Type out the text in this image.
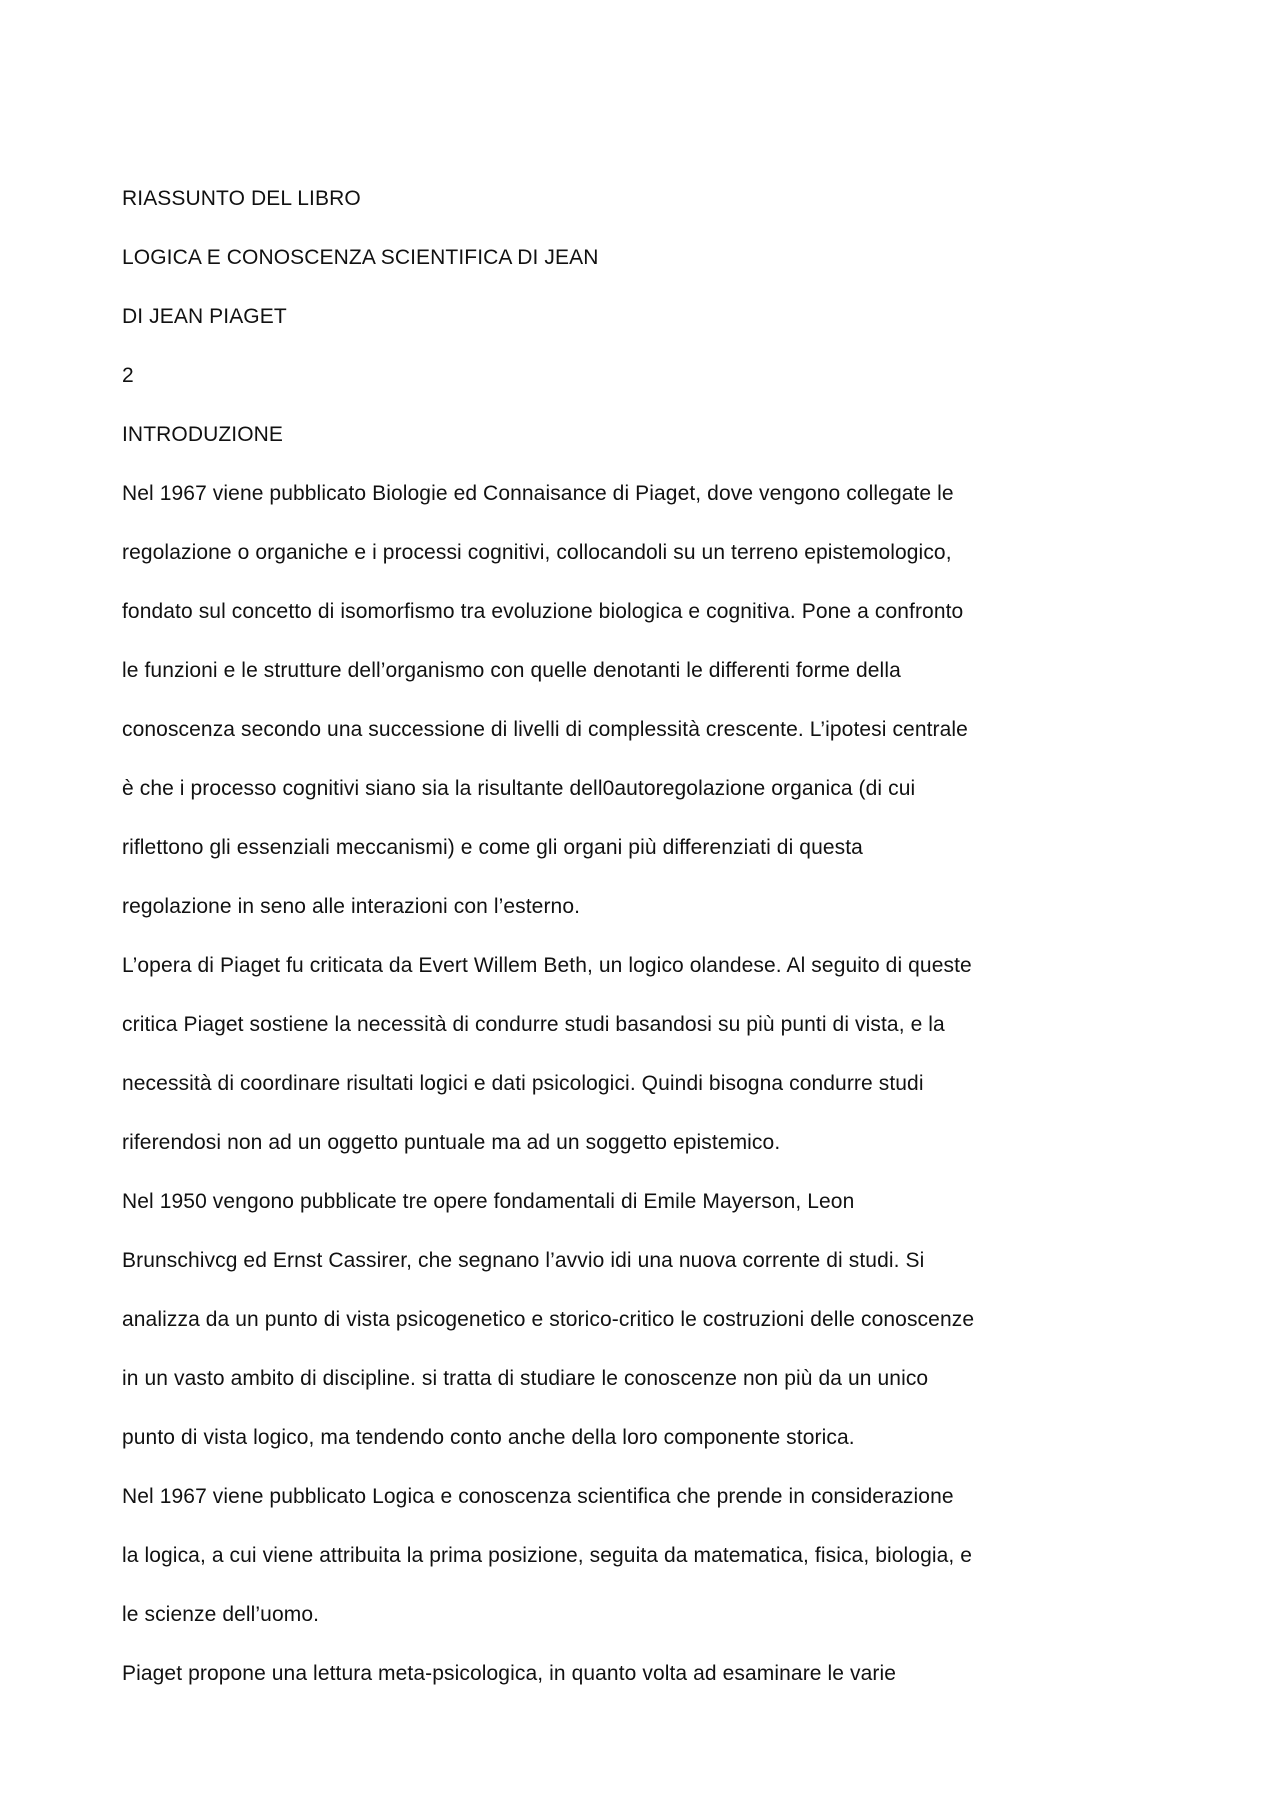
RIASSUNTO DEL LIBRO
LOGICA E CONOSCENZA SCIENTIFICA DI JEAN
DI JEAN PIAGET
2
INTRODUZIONE
Nel 1967 viene pubblicato Biologie ed Connaisance di Piaget, dove vengono collegate le
regolazione o organiche e i processi cognitivi, collocandoli su un terreno epistemologico,
fondato sul concetto di isomorfismo tra evoluzione biologica e cognitiva. Pone a confronto
le funzioni e le strutture dell’organismo con quelle denotanti le differenti forme della
conoscenza secondo una successione di livelli di complessità crescente. L’ipotesi centrale
è che i processo cognitivi siano sia la risultante dell0autoregolazione organica (di cui
riflettono gli essenziali meccanismi) e come gli organi più differenziati di questa
regolazione in seno alle interazioni con l’esterno.
L’opera di Piaget fu criticata da Evert Willem Beth, un logico olandese. Al seguito di queste
critica Piaget sostiene la necessità di condurre studi basandosi su più punti di vista, e la
necessità di coordinare risultati logici e dati psicologici. Quindi bisogna condurre studi
riferendosi non ad un oggetto puntuale ma ad un soggetto epistemico.
Nel 1950 vengono pubblicate tre opere fondamentali di Emile Mayerson, Leon
Brunschivcg ed Ernst Cassirer, che segnano l’avvio idi una nuova corrente di studi. Si
analizza da un punto di vista psicogenetico e storico-critico le costruzioni delle conoscenze
in un vasto ambito di discipline. si tratta di studiare le conoscenze non più da un unico
punto di vista logico, ma tendendo conto anche della loro componente storica.
Nel 1967 viene pubblicato Logica e conoscenza scientifica che prende in considerazione
la logica, a cui viene attribuita la prima posizione, seguita da matematica, fisica, biologia, e
le scienze dell’uomo.
Piaget propone una lettura meta-psicologica, in quanto volta ad esaminare le varie
